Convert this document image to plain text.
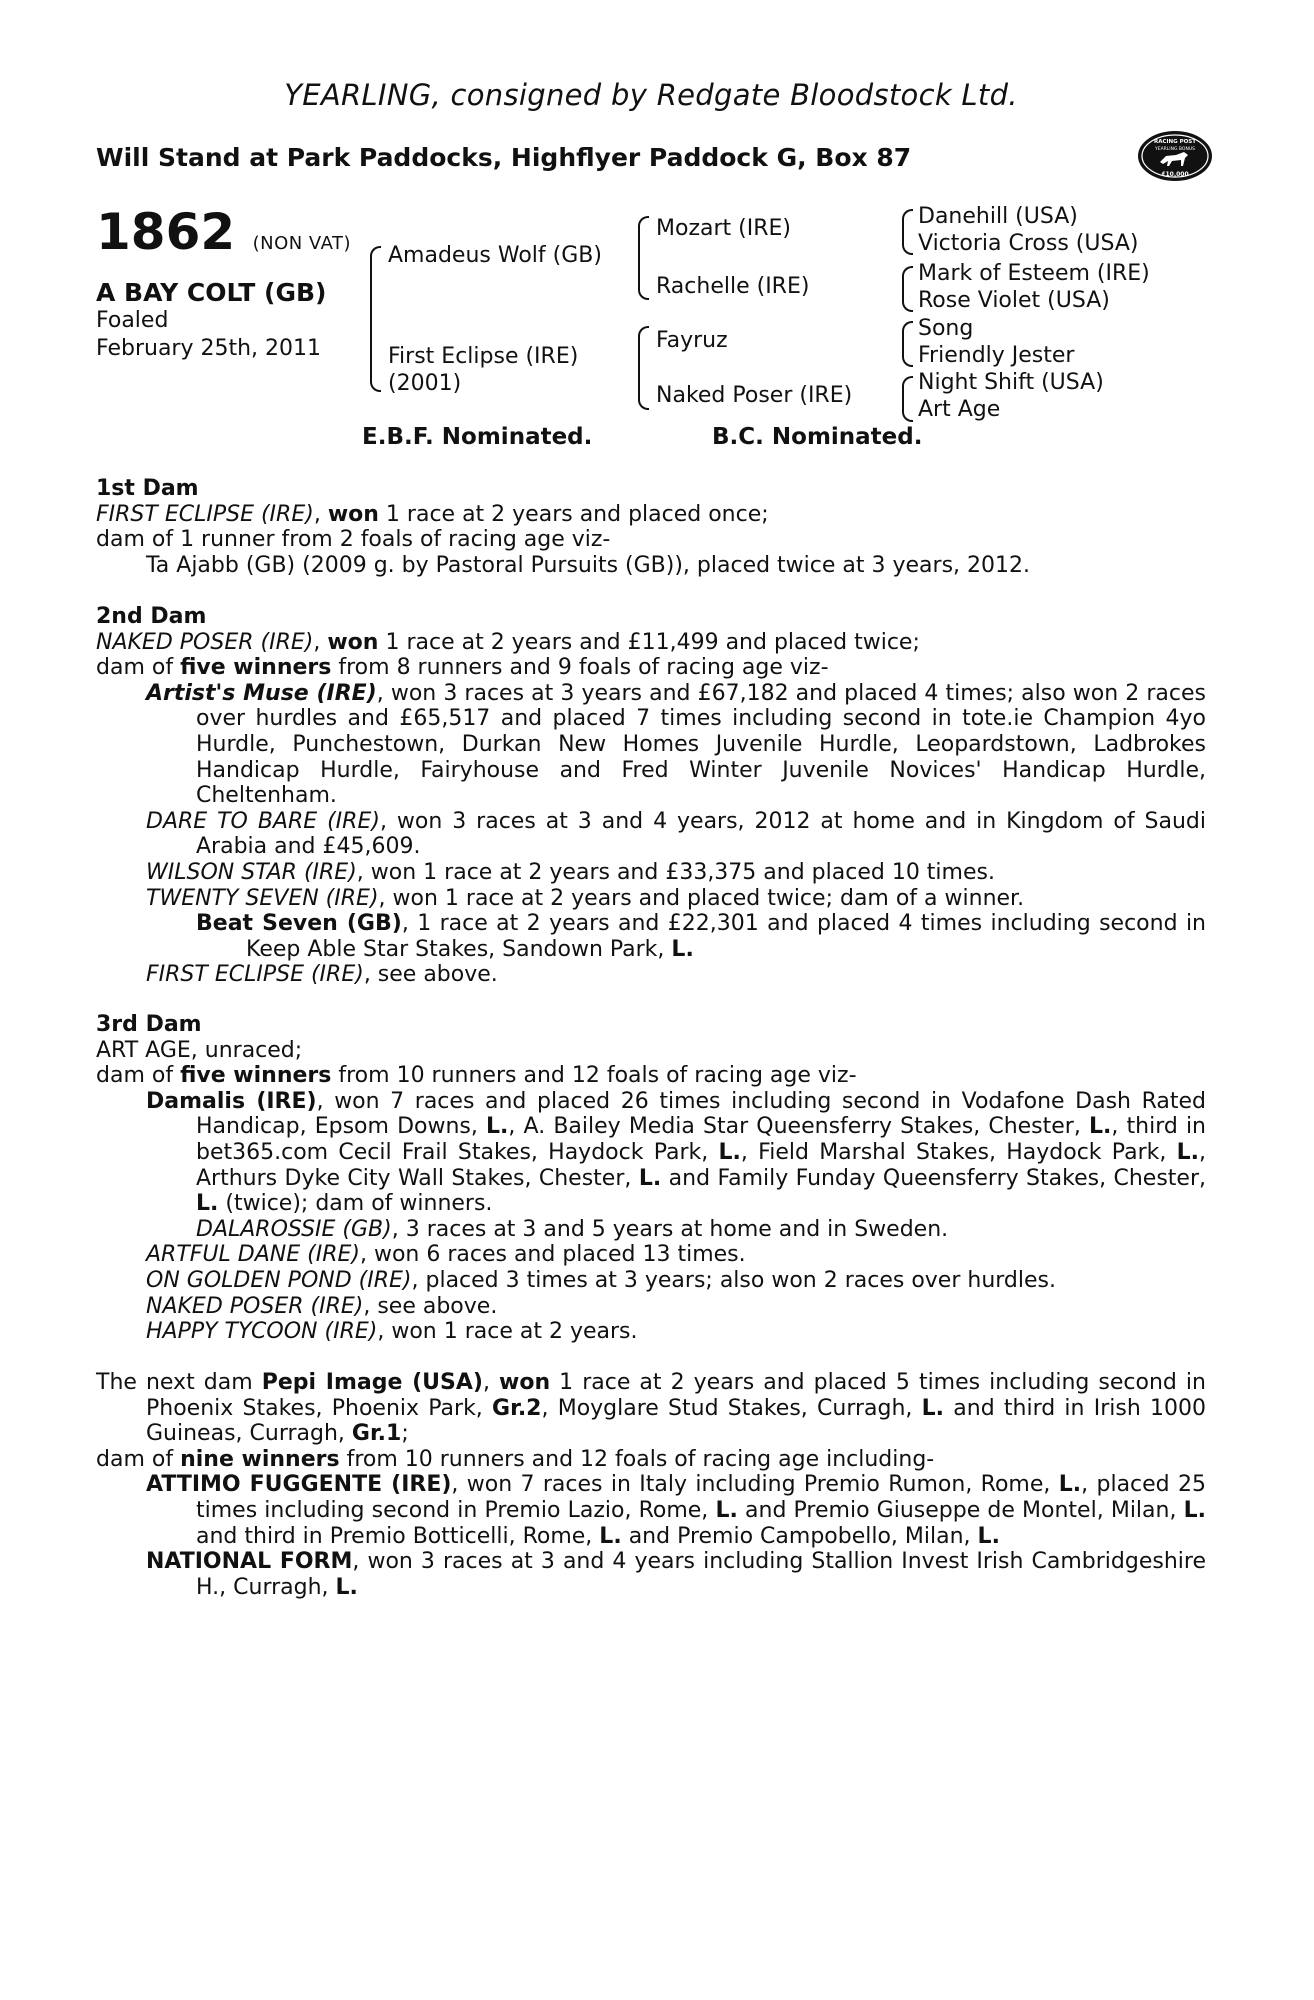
YEARLING, consigned by Redgate Bloodstock Ltd.
Will Stand at Park Paddocks, Highflyer Paddock G, Box 87
RACING POST
YEARLING BONUS
£10,000
1862 (NON VAT)
A BAY COLT (GB)
Foaled
February 25th, 2011
Amadeus Wolf (GB)
First Eclipse (IRE)
(2001)
Mozart (IRE)
Rachelle (IRE)
Fayruz
Naked Poser (IRE)
Danehill (USA)
Victoria Cross (USA)
Mark of Esteem (IRE)
Rose Violet (USA)
Song
Friendly Jester
Night Shift (USA)
Art Age
E.B.F. Nominated.	B.C. Nominated.

1st Dam

FIRST ECLIPSE (IRE), won 1 race at 2 years and placed once;

dam of 1 runner from 2 foals of racing age viz-

Ta Ajabb (GB) (2009 g. by Pastoral Pursuits (GB)), placed twice at 3 years, 2012.

2nd Dam

NAKED POSER (IRE), won 1 race at 2 years and £11,499 and placed twice;

dam of five winners from 8 runners and 9 foals of racing age viz-

Artist's Muse (IRE), won 3 races at 3 years and £67,182 and placed 4 times; also won 2 races over hurdles and £65,517 and placed 7 times including second in tote.ie Champion 4yo Hurdle, Punchestown, Durkan New Homes Juvenile Hurdle, Leopardstown, Ladbrokes Handicap Hurdle, Fairyhouse and Fred Winter Juvenile Novices' Handicap Hurdle, Cheltenham.

DARE TO BARE (IRE), won 3 races at 3 and 4 years, 2012 at home and in Kingdom of Saudi Arabia and £45,609.

WILSON STAR (IRE), won 1 race at 2 years and £33,375 and placed 10 times.

TWENTY SEVEN (IRE), won 1 race at 2 years and placed twice; dam of a winner.

Beat Seven (GB), 1 race at 2 years and £22,301 and placed 4 times including second in Keep Able Star Stakes, Sandown Park, L.

FIRST ECLIPSE (IRE), see above.

3rd Dam

ART AGE, unraced;

dam of five winners from 10 runners and 12 foals of racing age viz-

Damalis (IRE), won 7 races and placed 26 times including second in Vodafone Dash Rated Handicap, Epsom Downs, L., A. Bailey Media Star Queensferry Stakes, Chester, L., third in bet365.com Cecil Frail Stakes, Haydock Park, L., Field Marshal Stakes, Haydock Park, L., Arthurs Dyke City Wall Stakes, Chester, L. and Family Funday Queensferry Stakes, Chester, L. (twice); dam of winners.

DALAROSSIE (GB), 3 races at 3 and 5 years at home and in Sweden.

ARTFUL DANE (IRE), won 6 races and placed 13 times.

ON GOLDEN POND (IRE), placed 3 times at 3 years; also won 2 races over hurdles.

NAKED POSER (IRE), see above.

HAPPY TYCOON (IRE), won 1 race at 2 years.

The next dam Pepi Image (USA), won 1 race at 2 years and placed 5 times including second in Phoenix Stakes, Phoenix Park, Gr.2, Moyglare Stud Stakes, Curragh, L. and third in Irish 1000 Guineas, Curragh, Gr.1;

dam of nine winners from 10 runners and 12 foals of racing age including-

ATTIMO FUGGENTE (IRE), won 7 races in Italy including Premio Rumon, Rome, L., placed 25 times including second in Premio Lazio, Rome, L. and Premio Giuseppe de Montel, Milan, L. and third in Premio Botticelli, Rome, L. and Premio Campobello, Milan, L.

NATIONAL FORM, won 3 races at 3 and 4 years including Stallion Invest Irish Cambridgeshire H., Curragh, L.
